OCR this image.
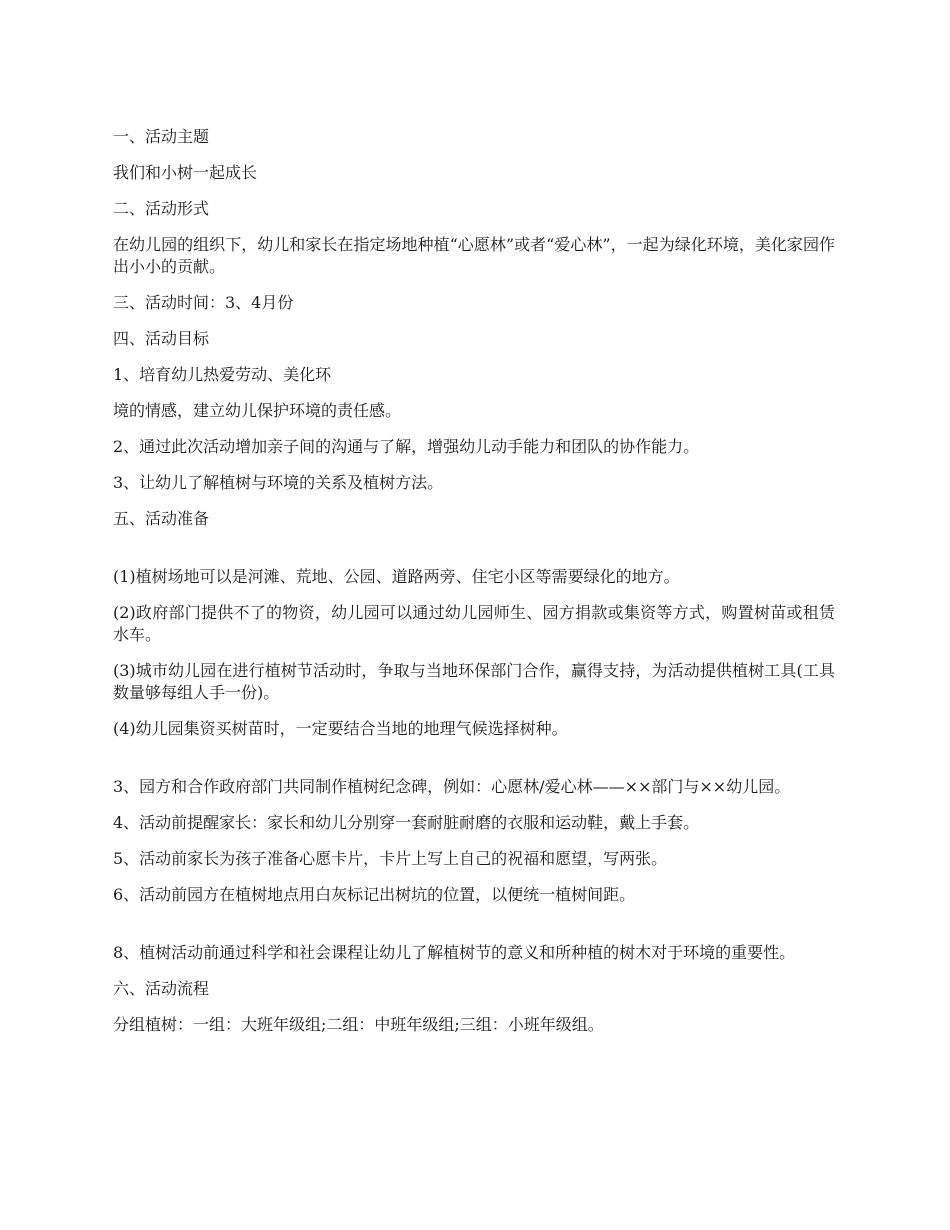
一、活动主题

我们和小树一起成长

二、活动形式

在幼儿园的组织下，幼儿和家长在指定场地种植“心愿林”或者“爱心林”，一起为绿化环境，美化家园作出小小的贡献。

三、活动时间：3、4月份

四、活动目标

1、培育幼儿热爱劳动、美化环

境的情感，建立幼儿保护环境的责任感。

2、通过此次活动增加亲子间的沟通与了解，增强幼儿动手能力和团队的协作能力。

3、让幼儿了解植树与环境的关系及植树方法。

五、活动准备

(1)植树场地可以是河滩、荒地、公园、道路两旁、住宅小区等需要绿化的地方。

(2)政府部门提供不了的物资，幼儿园可以通过幼儿园师生、园方捐款或集资等方式，购置树苗或租赁水车。

(3)城市幼儿园在进行植树节活动时，争取与当地环保部门合作，赢得支持，为活动提供植树工具(工具数量够每组人手一份)。

(4)幼儿园集资买树苗时，一定要结合当地的地理气候选择树种。

3、园方和合作政府部门共同制作植树纪念碑，例如：心愿林/爱心林——××部门与××幼儿园。

4、活动前提醒家长：家长和幼儿分别穿一套耐脏耐磨的衣服和运动鞋，戴上手套。

5、活动前家长为孩子准备心愿卡片，卡片上写上自己的祝福和愿望，写两张。

6、活动前园方在植树地点用白灰标记出树坑的位置，以便统一植树间距。

8、植树活动前通过科学和社会课程让幼儿了解植树节的意义和所种植的树木对于环境的重要性。

六、活动流程

分组植树：一组：大班年级组;二组：中班年级组;三组：小班年级组。
